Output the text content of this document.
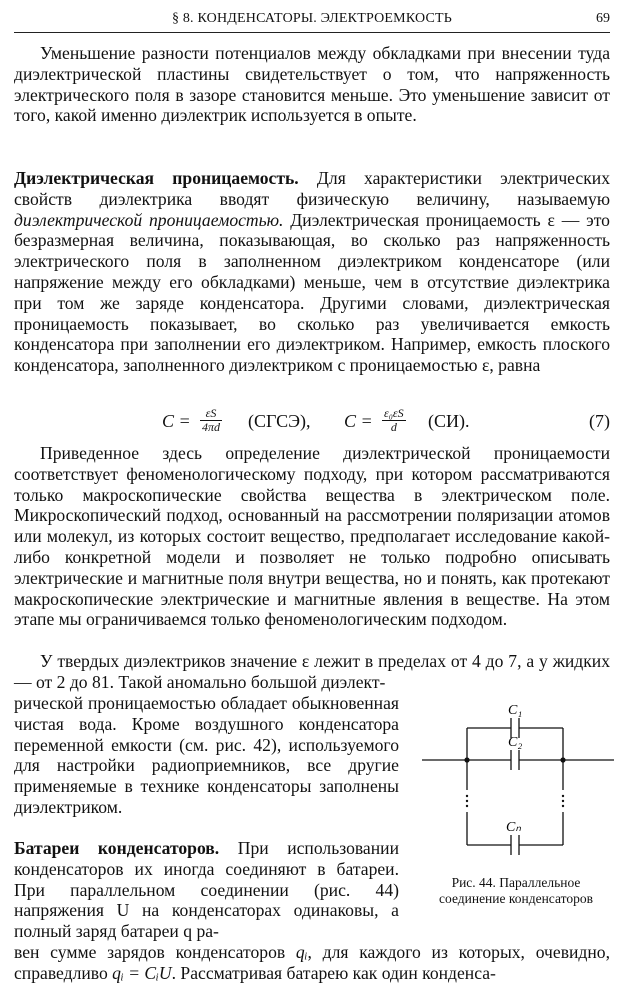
§ 8. КОНДЕНСАТОРЫ. ЭЛЕКТРОЕМКОСТЬ	69

Уменьшение разности потенциалов между обкладками при внесении туда диэлектрической пластины свидетельствует о том, что напряженность электрического поля в зазоре становится меньше. Это уменьшение зависит от того, какой именно диэлектрик используется в опыте.

Диэлектрическая проницаемость. Для характеристики электрических свойств диэлектрика вводят физическую величину, называемую диэлектрической проницаемостью. Диэлектрическая проницаемость ε — это безразмерная величина, показывающая, во сколько раз напряженность электрического поля в заполненном диэлектриком конденсаторе (или напряжение между его обкладками) меньше, чем в отсутствие диэлектрика при том же заряде конденсатора. Другими словами, диэлектрическая проницаемость показывает, во сколько раз увеличивается емкость конденсатора при заполнении его диэлектриком. Например, емкость плоского конденсатора, заполненного диэлектриком с проницаемостью ε, равна

$C = \frac{\varepsilon S}{4\pi d}$ (СГСЭ), $C = \frac{\text{ε₀εS}}{d} (СИ)$.	(7)

Приведенное здесь определение диэлектрической проницаемости соответствует феноменологическому подходу, при котором рассматриваются только макроскопические свойства вещества в электрическом поле. Микроскопический подход, основанный на рассмотрении поляризации атомов или молекул, из которых состоит вещество, предполагает исследование какой-либо конкретной модели и позволяет не только подробно описывать электрические и магнитные поля внутри вещества, но и понять, как протекают макроскопические электрические и магнитные явления в веществе. На этом этапе мы ограничиваемся только феноменологическим подходом.

У твердых диэлектриков значение ε лежит в пределах от 4 до 7, а у жидких — от 2 до 81. Такой аномально большой диэлект-

рической проницаемостью обладает обыкновенная чистая вода. Кроме воздушного конденсатора переменной емкости (см. рис. 42), используемого для настройки радиоприемников, все другие применяемые в технике конденсаторы заполнены диэлектриком.

Батареи конденсаторов. При использовании конденсаторов их иногда соединяют в батареи. При параллельном соединении (рис. 44) напряжения U на конденсаторах одинаковы, а полный заряд батареи q ра-

вен сумме зарядов конденсаторов qᵢ, для каждого из которых, очевидно, справедливо qᵢ = CᵢU. Рассматривая батарею как один конденса-

C₁
C₂
Cₙ
Рис. 44. Параллельное соединение конденсаторов
